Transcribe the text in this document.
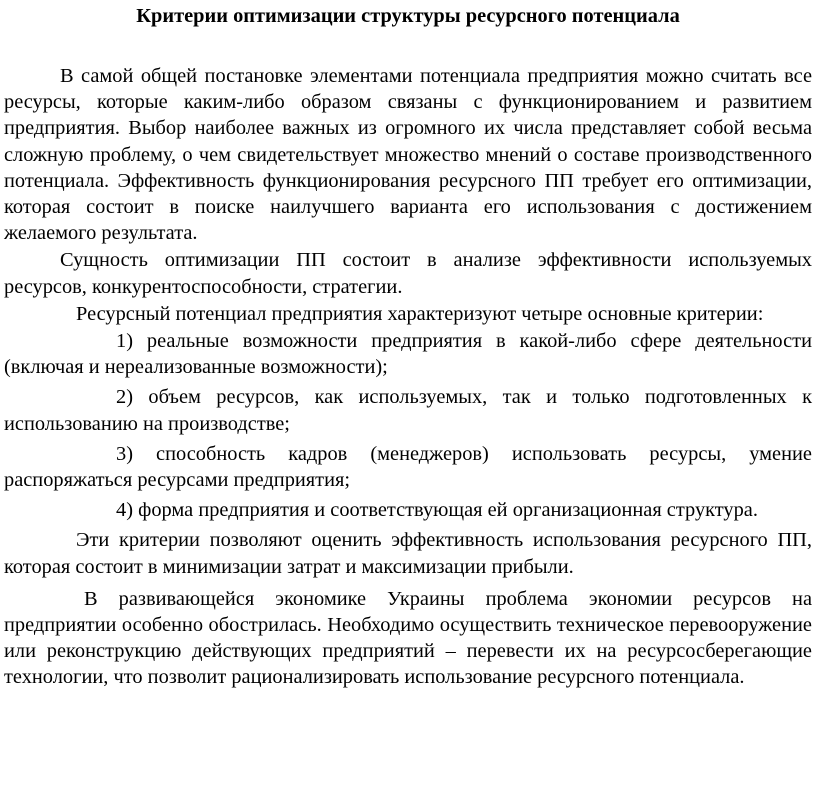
Критерии оптимизации структуры ресурсного потенциала

В самой общей постановке элементами потенциала предприятия можно считать все ресурсы, которые каким-либо образом связаны с функционированием и развитием предприятия. Выбор наиболее важных из огромного их числа представляет собой весьма сложную проблему, о чем свидетельствует множество мнений о составе производственного потенциала. Эффективность функционирования ресурсного ПП требует его оптимизации, которая состоит в поиске наилучшего варианта его использования с достижением желаемого результата.

Сущность оптимизации ПП состоит в анализе эффективности используемых ресурсов, конкурентоспособности, стратегии.

Ресурсный потенциал предприятия характеризуют четыре основные критерии:

1) реальные возможности предприятия в какой-либо сфере деятельности (включая и нереализованные возможности);

2) объем ресурсов, как используемых, так и только подготовленных к использованию на производстве;

3) способность кадров (менеджеров) использовать ресурсы, умение распоряжаться ресурсами предприятия;

4) форма предприятия и соответствующая ей организационная структура.

Эти критерии позволяют оценить эффективность использования ресурсного ПП, которая состоит в минимизации затрат и максимизации прибыли.

В развивающейся экономике Украины проблема экономии ресурсов на предприятии особенно обострилась. Необходимо осуществить техническое перевооружение или реконструкцию действующих предприятий – перевести их на ресурсосберегающие технологии, что позволит рационализировать использование ресурсного потенциала.
